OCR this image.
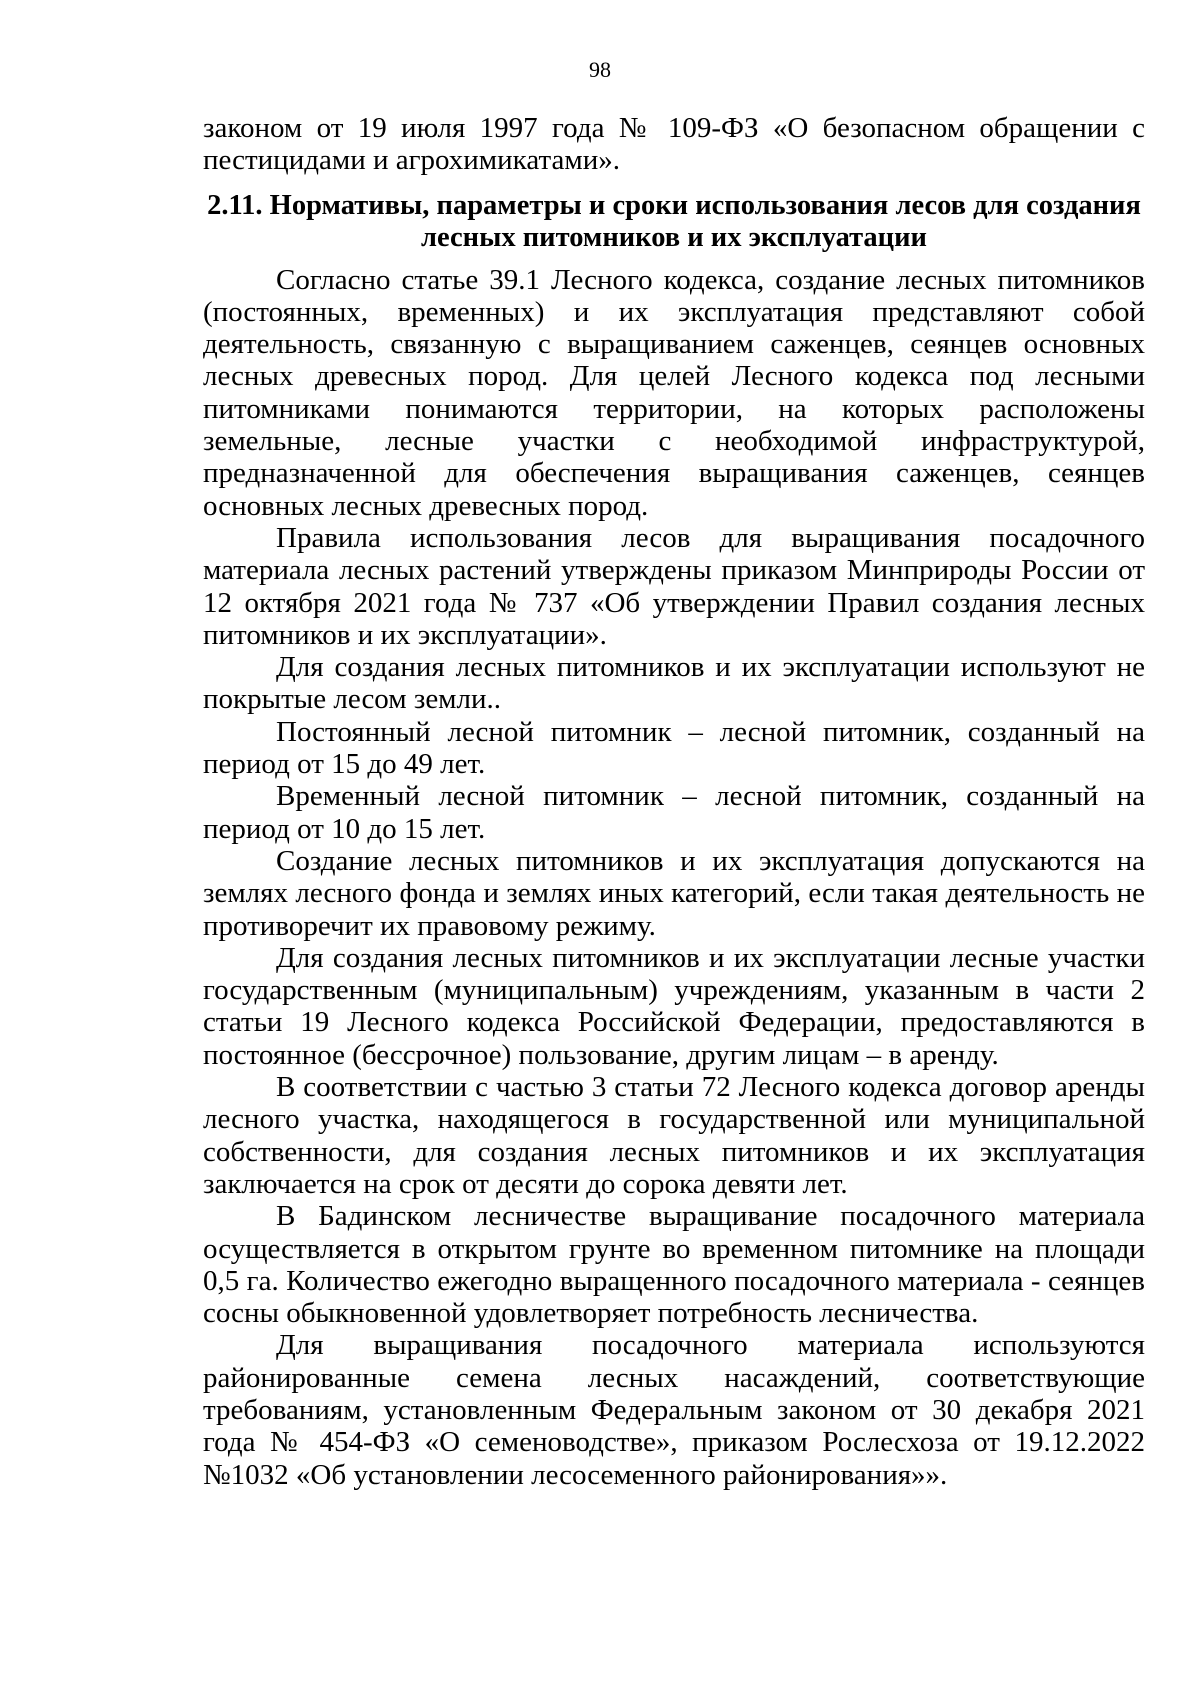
98

законом от 19 июля 1997 года № 109-ФЗ «О безопасном обращении с пестицидами и агрохимикатами».

2.11. Нормативы, параметры и сроки использования лесов для создания лесных питомников и их эксплуатации

Согласно статье 39.1 Лесного кодекса, создание лесных питомников (постоянных, временных) и их эксплуатация представляют собой деятельность, связанную с выращиванием саженцев, сеянцев основных лесных древесных пород. Для целей Лесного кодекса под лесными питомниками понимаются территории, на которых расположены земельные, лесные участки с необходимой инфраструктурой, предназначенной для обеспечения выращивания саженцев, сеянцев основных лесных древесных пород.

Правила использования лесов для выращивания посадочного материала лесных растений утверждены приказом Минприроды России от 12 октября 2021 года № 737 «Об утверждении Правил создания лесных питомников и их эксплуатации».

Для создания лесных питомников и их эксплуатации используют не покрытые лесом земли..

Постоянный лесной питомник – лесной питомник, созданный на период от 15 до 49 лет.

Временный лесной питомник – лесной питомник, созданный на период от 10 до 15 лет.

Создание лесных питомников и их эксплуатация допускаются на землях лесного фонда и землях иных категорий, если такая деятельность не противоречит их правовому режиму.

Для создания лесных питомников и их эксплуатации лесные участки государственным (муниципальным) учреждениям, указанным в части 2 статьи 19 Лесного кодекса Российской Федерации, предоставляются в постоянное (бессрочное) пользование, другим лицам – в аренду.

В соответствии с частью 3 статьи 72 Лесного кодекса договор аренды лесного участка, находящегося в государственной или муниципальной собственности, для создания лесных питомников и их эксплуатация заключается на срок от десяти до сорока девяти лет.

В Бадинском лесничестве выращивание посадочного материала осуществляется в открытом грунте во временном питомнике на площади 0,5 га. Количество ежегодно выращенного посадочного материала - сеянцев сосны обыкновенной удовлетворяет потребность лесничества.

Для выращивания посадочного материала используются районированные семена лесных насаждений, соответствующие требованиям, установленным Федеральным законом от 30 декабря 2021 года № 454-ФЗ «О семеноводстве», приказом Рослесхоза от 19.12.2022 №1032 «Об установлении лесосеменного районирования»».
